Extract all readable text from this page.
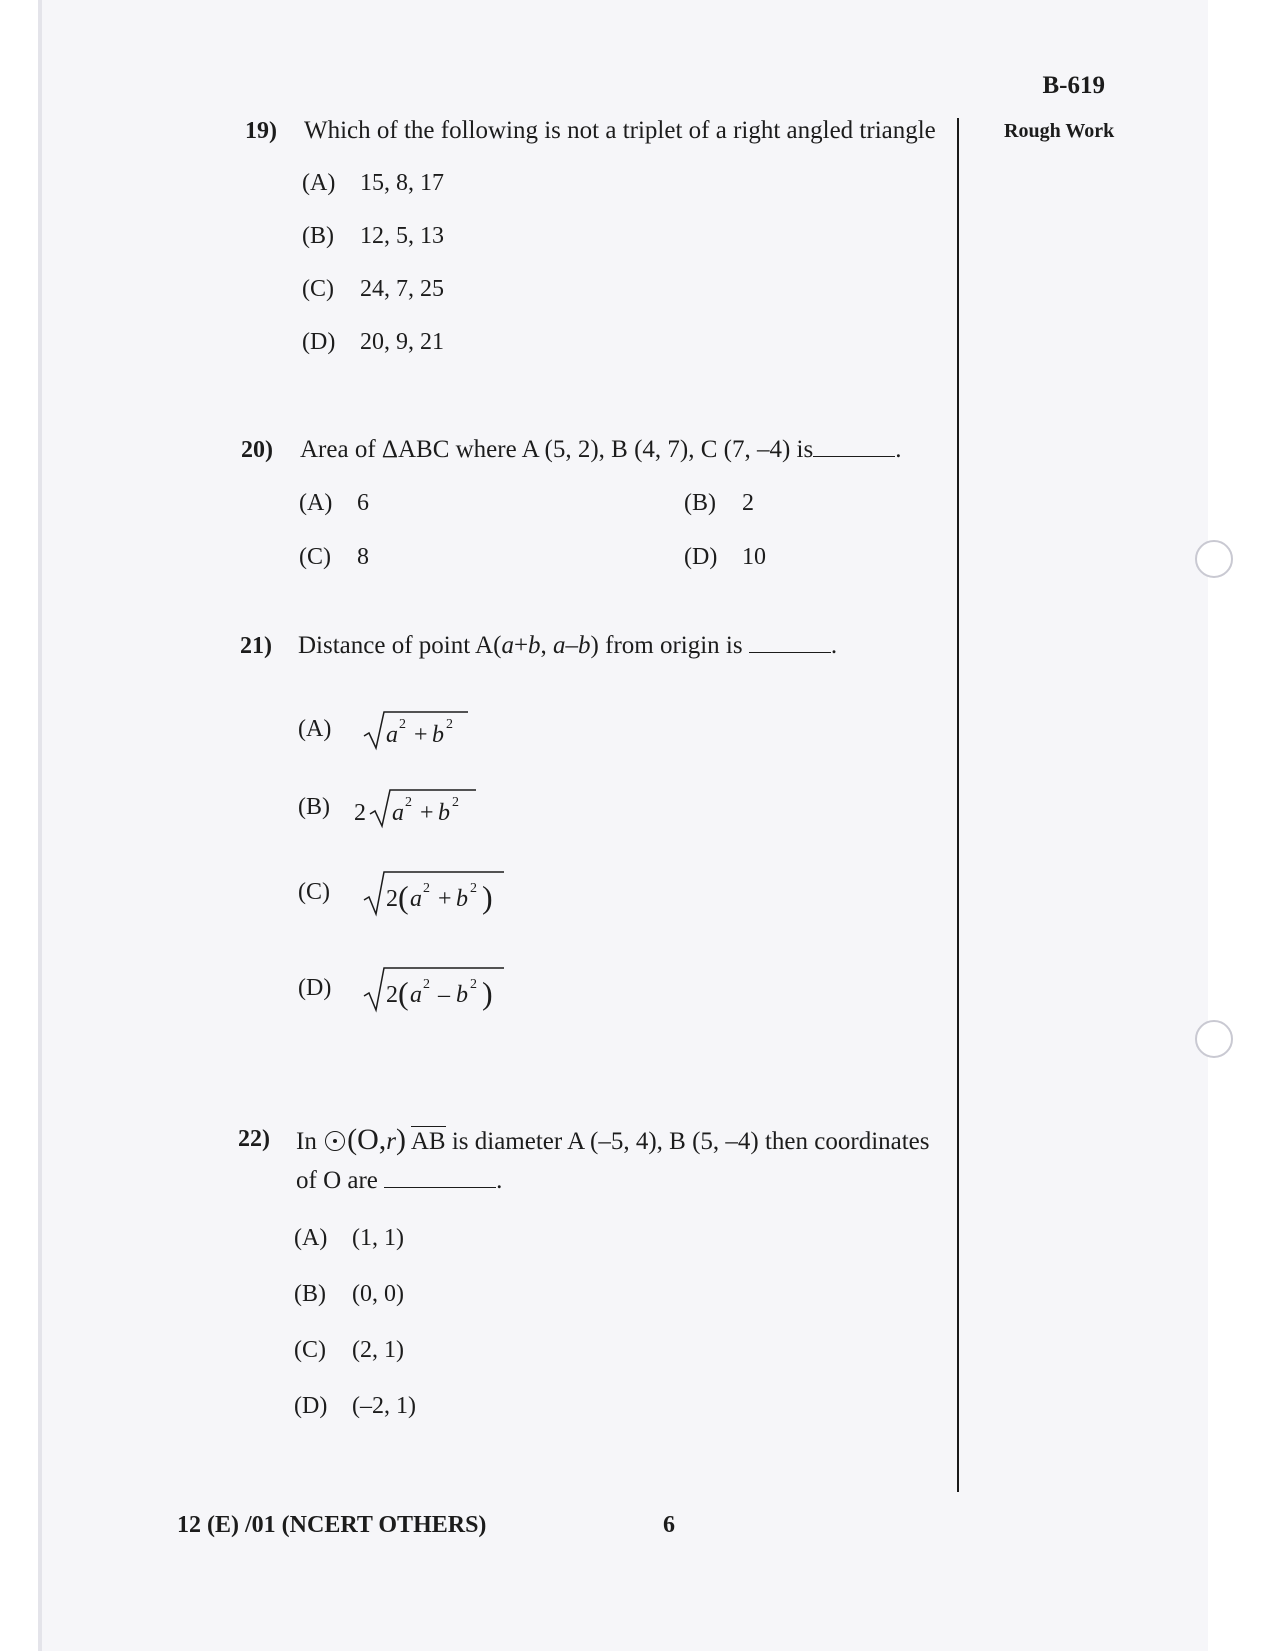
B-619
Rough Work
19) Which of the following is not a triplet of a right angled triangle
(A) 15, 8, 17
(B) 12, 5, 13
(C) 24, 7, 25
(D) 20, 9, 21
20) Area of ΔABC where A (5, 2), B (4, 7), C (7, –4) is	.
(A) 6	(B) 2
(C) 8	(D) 10
21) Distance of point A(a+b, a–b) from origin is	.
(A) a 2 + b 2
(B) 2 a 2 + b 2
(C) 2 ( a 2 + b 2 )
(D) 2 ( a 2 – b 2 )
22) In (O,r) AB is diameter A (–5, 4), B (5, –4) then coordinates
of O are	.
(A) (1, 1)
(B) (0, 0)
(C) (2, 1)
(D) (–2, 1)
12 (E) /01 (NCERT OTHERS)	6
